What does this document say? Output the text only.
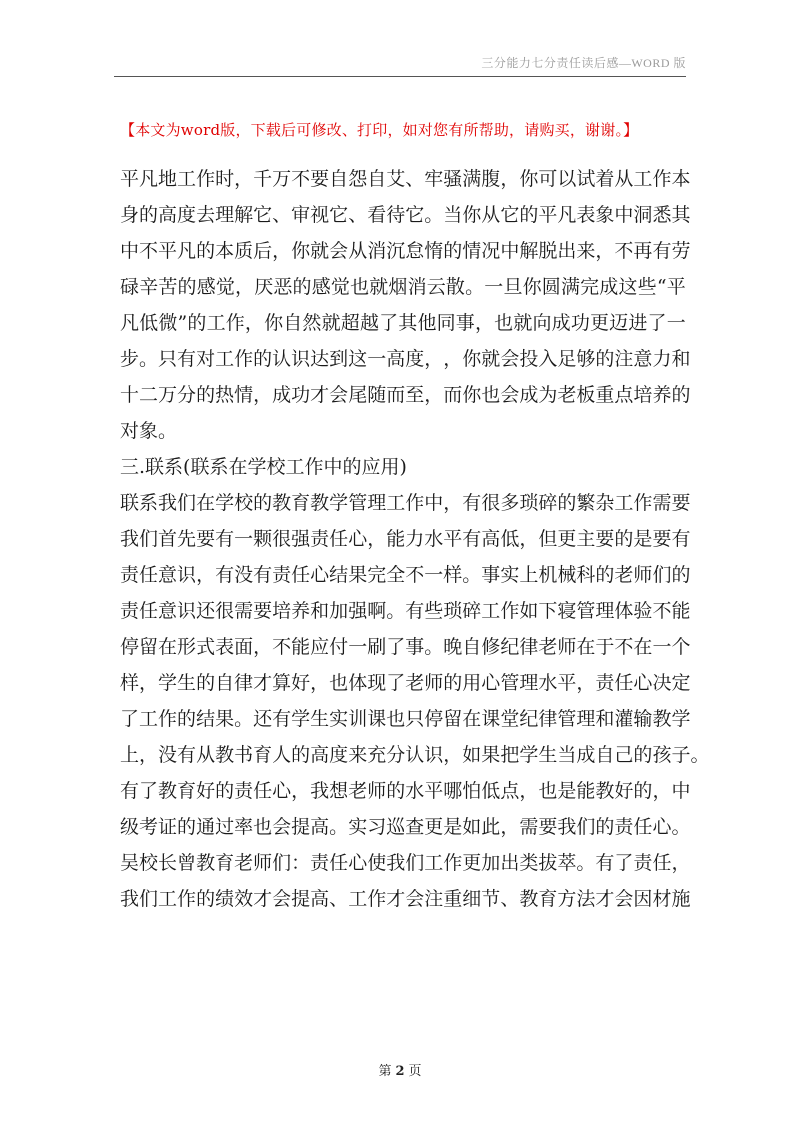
三分能力七分责任读后感—WORD 版
【本文为word版，下载后可修改、打印，如对您有所帮助，请购买，谢谢。】
平 凡 地 工 作 时 ， 千 万 不 要 自 怨 自 艾 、 牢 骚 满 腹 ， 你 可 以 试 着 从 工 作 本
身 的 高 度 去 理 解 它 、 审 视 它 、 看 待 它 。 当 你 从 它 的 平 凡 表 象 中 洞 悉 其
中 不 平 凡 的 本 质 后 ， 你 就 会 从 消 沉 怠 惰 的 情 况 中 解 脱 出 来 ， 不 再 有 劳
碌 辛 苦 的 感 觉 ， 厌 恶 的 感 觉 也 就 烟 消 云 散 。 一 旦 你 圆 满 完 成 这 些 “ 平
凡 低 微 ” 的 工 作 ， 你 自 然 就 超 越 了 其 他 同 事 ， 也 就 向 成 功 更 迈 进 了 一
步 。 只 有 对 工 作 的 认 识 达 到 这 一 高 度 ， ， 你 就 会 投 入 足 够 的 注 意 力 和
十 二 万 分 的 热 情 ， 成 功 才 会 尾 随 而 至 ， 而 你 也 会 成 为 老 板 重 点 培 养 的
对象。
三.联系(联系在学校工作中的应用)
联 系 我 们 在 学 校 的 教 育 教 学 管 理 工 作 中 ， 有 很 多 琐 碎 的 繁 杂 工 作 需 要
我 们 首 先 要 有 一 颗 很 强 责 任 心 ， 能 力 水 平 有 高 低 ， 但 更 主 要 的 是 要 有
责 任 意 识 ， 有 没 有 责 任 心 结 果 完 全 不 一 样 。 事 实 上 机 械 科 的 老 师 们 的
责 任 意 识 还 很 需 要 培 养 和 加 强 啊 。 有 些 琐 碎 工 作 如 下 寝 管 理 体 验 不 能
停 留 在 形 式 表 面 ， 不 能 应 付 一 刷 了 事 。 晚 自 修 纪 律 老 师 在 于 不 在 一 个
样 ， 学 生 的 自 律 才 算 好 ， 也 体 现 了 老 师 的 用 心 管 理 水 平 ， 责 任 心 决 定
了 工 作 的 结 果 。 还 有 学 生 实 训 课 也 只 停 留 在 课 堂 纪 律 管 理 和 灌 输 教 学
上 ， 没 有 从 教 书 育 人 的 高 度 来 充 分 认 识 ， 如 果 把 学 生 当 成 自 己 的 孩 子 。
有 了 教 育 好 的 责 任 心 ， 我 想 老 师 的 水 平 哪 怕 低 点 ， 也 是 能 教 好 的 ， 中
级 考 证 的 通 过 率 也 会 提 高 。 实 习 巡 查 更 是 如 此 ， 需 要 我 们 的 责 任 心 。
吴 校 长 曾 教 育 老 师 们 ： 责 任 心 使 我 们 工 作 更 加 出 类 拔 萃 。 有 了 责 任 ，
我 们 工 作 的 绩 效 才 会 提 高 、 工 作 才 会 注 重 细 节 、 教 育 方 法 才 会 因 材 施
第 2 页
